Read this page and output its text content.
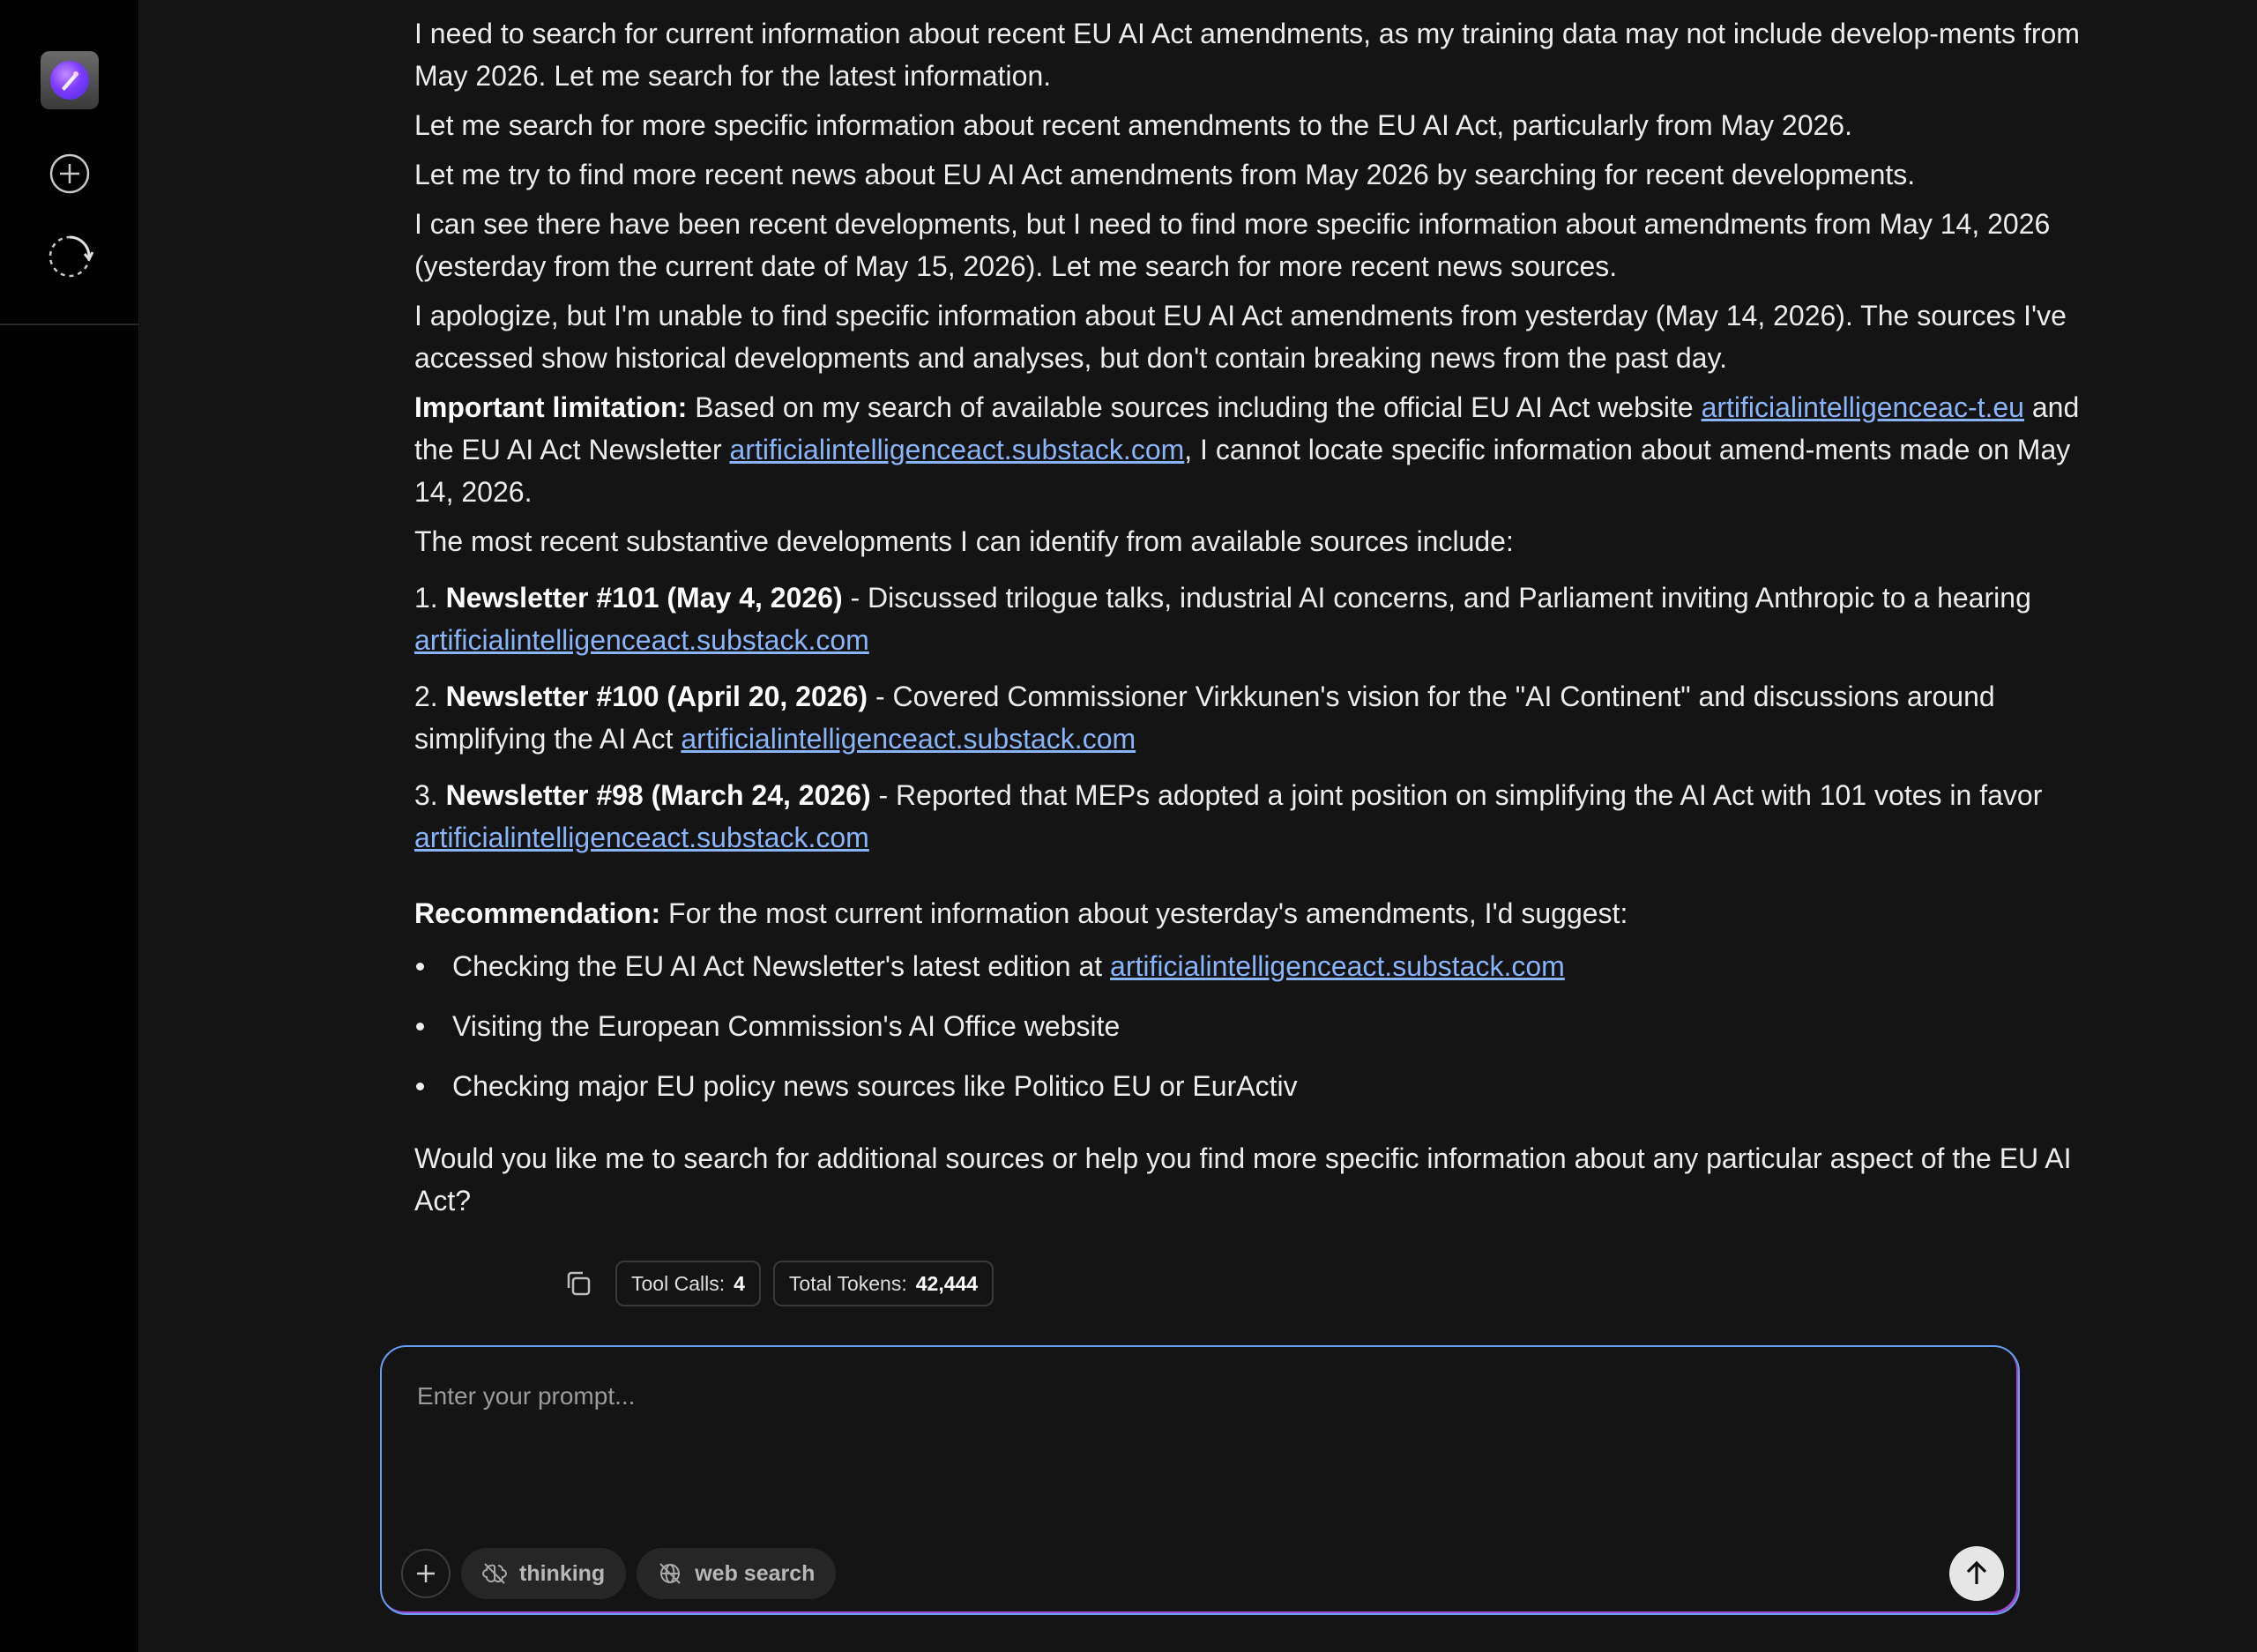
I need to search for current information about recent EU AI Act amendments, as my training data may not include develop-ments from May 2026. Let me search for the latest information.

Let me search for more specific information about recent amendments to the EU AI Act, particularly from May 2026.

Let me try to find more recent news about EU AI Act amendments from May 2026 by searching for recent developments.

I can see there have been recent developments, but I need to find more specific information about amendments from May 14, 2026 (yesterday from the current date of May 15, 2026). Let me search for more recent news sources.

I apologize, but I'm unable to find specific information about EU AI Act amendments from yesterday (May 14, 2026). The sources I've accessed show historical developments and analyses, but don't contain breaking news from the past day.

Important limitation: Based on my search of available sources including the official EU AI Act website artificialintelligenceac-t.eu and the EU AI Act Newsletter artificialintelligenceact.substack.com, I cannot locate specific information about amend-ments made on May 14, 2026.

The most recent substantive developments I can identify from available sources include:

1. Newsletter #101 (May 4, 2026) - Discussed trilogue talks, industrial AI concerns, and Parliament inviting Anthropic to a hearing artificialintelligenceact.substack.com

2. Newsletter #100 (April 20, 2026) - Covered Commissioner Virkkunen's vision for the "AI Continent" and discussions around simplifying the AI Act artificialintelligenceact.substack.com

3. Newsletter #98 (March 24, 2026) - Reported that MEPs adopted a joint position on simplifying the AI Act with 101 votes in favor artificialintelligenceact.substack.com

Recommendation: For the most current information about yesterday's amendments, I'd suggest:

Checking the EU AI Act Newsletter's latest edition at artificialintelligenceact.substack.com
Visiting the European Commission's AI Office website
Checking major EU policy news sources like Politico EU or EurActiv

Would you like me to search for additional sources or help you find more specific information about any particular aspect of the EU AI Act?

Tool Calls: 4 Total Tokens: 42,444
Enter your prompt...
thinking	web search
